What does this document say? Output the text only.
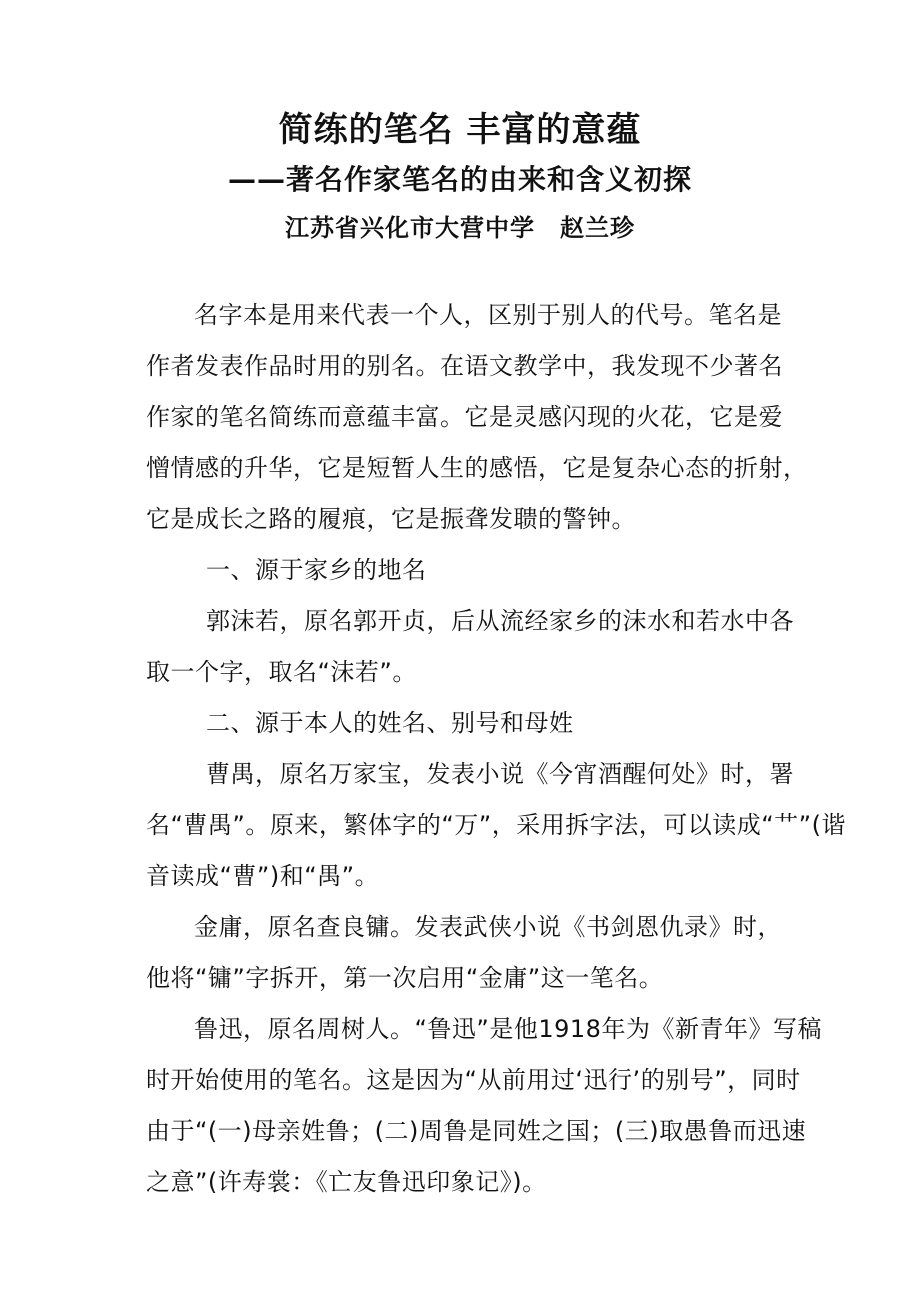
简练的笔名 丰富的意蕴
——著名作家笔名的由来和含义初探
江苏省兴化市大营中学　赵兰珍

名字本是用来代表一个人，区别于别人的代号。笔名是
作者发表作品时用的别名。在语文教学中，我发现不少著名
作家的笔名简练而意蕴丰富。它是灵感闪现的火花，它是爱
憎情感的升华，它是短暂人生的感悟，它是复杂心态的折射，
它是成长之路的履痕，它是振聋发聩的警钟。

一、源于家乡的地名

郭沫若，原名郭开贞，后从流经家乡的沫水和若水中各
取一个字，取名“沫若”。

二、源于本人的姓名、别号和母姓

曹禺，原名万家宝，发表小说《今宵酒醒何处》时，署
名“曹禺”。原来，繁体字的“万”，采用拆字法，可以读成“艹”(谐
音读成“曹”)和“禺”。

金庸，原名查良镛。发表武侠小说《书剑恩仇录》时，
他将“镛”字拆开，第一次启用“金庸”这一笔名。

鲁迅，原名周树人。“鲁迅”是他1918年为《新青年》写稿
时开始使用的笔名。这是因为“从前用过‘迅行’的别号”，同时
由于“(一)母亲姓鲁；(二)周鲁是同姓之国；(三)取愚鲁而迅速
之意”(许寿裳：《亡友鲁迅印象记》)。
